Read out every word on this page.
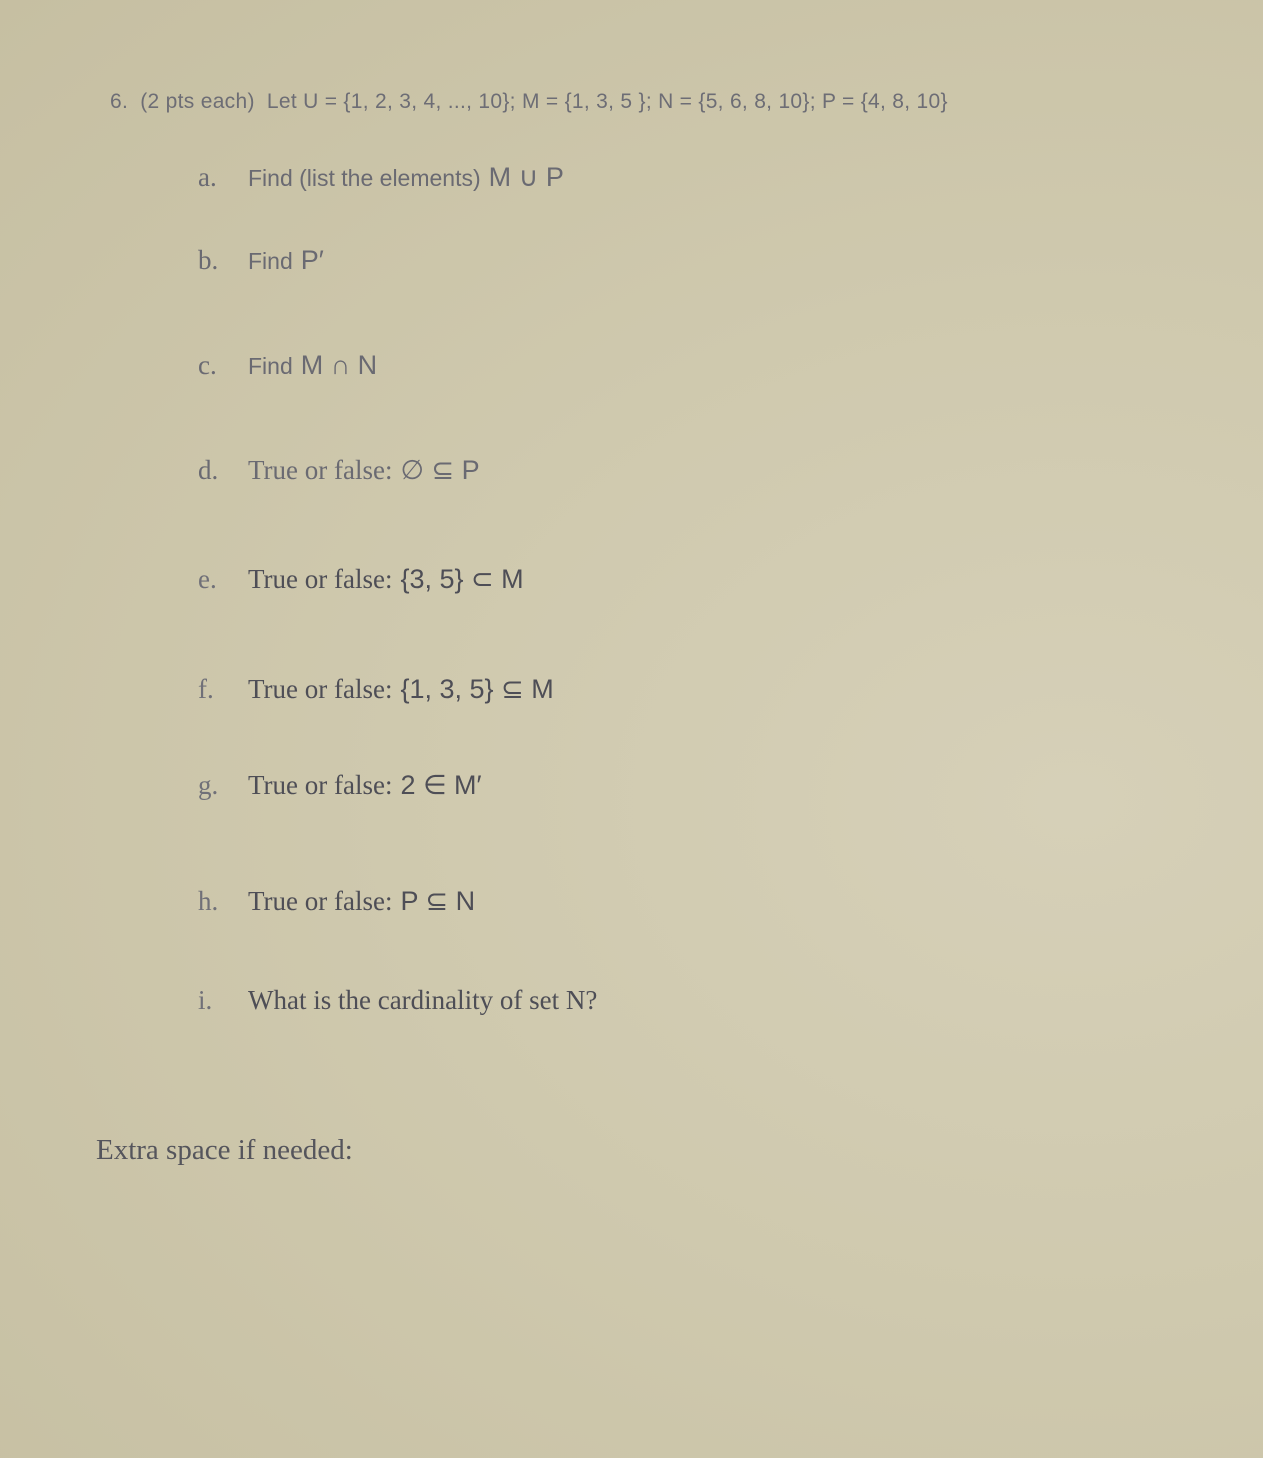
6. (2 pts each) Let U = {1, 2, 3, 4, ..., 10}; M = {1, 3, 5 }; N = {5, 6, 8, 10}; P = {4, 8, 10}
a. Find (list the elements) M ∪ P
b. Find P′
c. Find M ∩ N
d. True or false: ∅ ⊆ P
e. True or false: {3, 5} ⊂ M
f. True or false: {1, 3, 5} ⊆ M
g. True or false: 2 ∈ M′
h. True or false: P ⊆ N
i. What is the cardinality of set N?
Extra space if needed:
